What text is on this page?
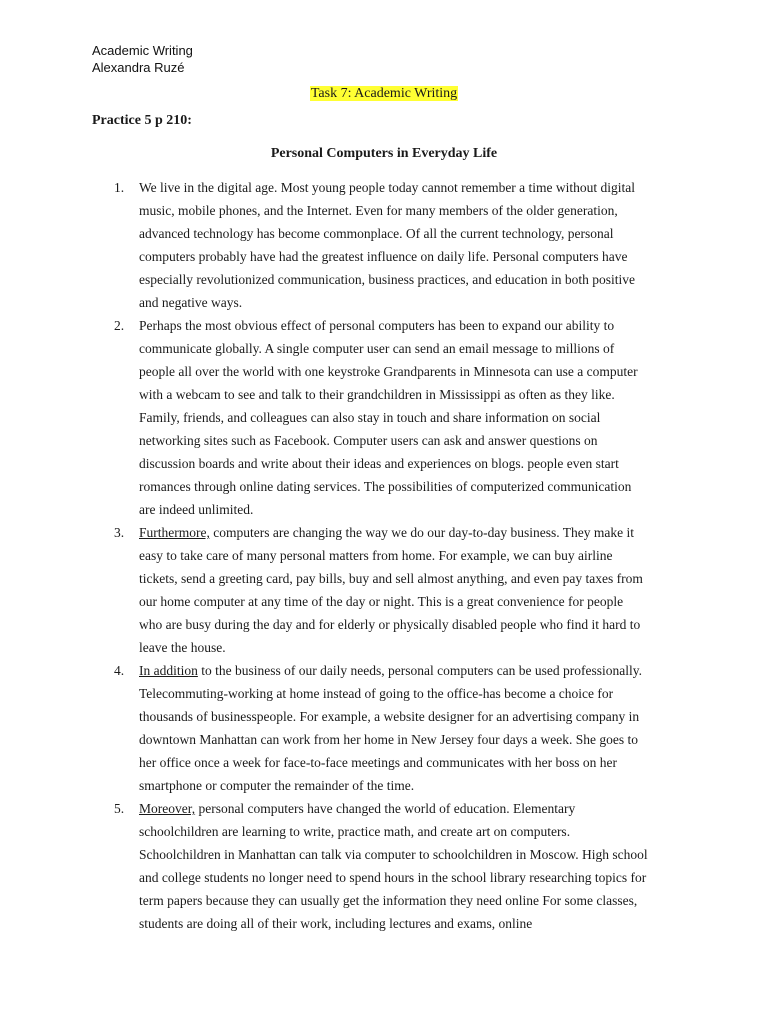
Academic Writing
Alexandra Ruzé
Task 7: Academic Writing
Practice 5 p 210:
Personal Computers in Everyday Life
1. We live in the digital age. Most young people today cannot remember a time without digital
music, mobile phones, and the Internet. Even for many members of the older generation,
advanced technology has become commonplace. Of all the current technology, personal
computers probably have had the greatest influence on daily life. Personal computers have
especially revolutionized communication, business practices, and education in both positive
and negative ways.
2. Perhaps the most obvious effect of personal computers has been to expand our ability to
communicate globally. A single computer user can send an email message to millions of
people all over the world with one keystroke Grandparents in Minnesota can use a computer
with a webcam to see and talk to their grandchildren in Mississippi as often as they like.
Family, friends, and colleagues can also stay in touch and share information on social
networking sites such as Facebook. Computer users can ask and answer questions on
discussion boards and write about their ideas and experiences on blogs. people even start
romances through online dating services. The possibilities of computerized communication
are indeed unlimited.
3. Furthermore, computers are changing the way we do our day-to-day business. They make it
easy to take care of many personal matters from home. For example, we can buy airline
tickets, send a greeting card, pay bills, buy and sell almost anything, and even pay taxes from
our home computer at any time of the day or night. This is a great convenience for people
who are busy during the day and for elderly or physically disabled people who find it hard to
leave the house.
4. In addition to the business of our daily needs, personal computers can be used professionally.
Telecommuting-working at home instead of going to the office-has become a choice for
thousands of businesspeople. For example, a website designer for an advertising company in
downtown Manhattan can work from her home in New Jersey four days a week. She goes to
her office once a week for face-to-face meetings and communicates with her boss on her
smartphone or computer the remainder of the time.
5. Moreover, personal computers have changed the world of education. Elementary
schoolchildren are learning to write, practice math, and create art on computers.
Schoolchildren in Manhattan can talk via computer to schoolchildren in Moscow. High school
and college students no longer need to spend hours in the school library researching topics for
term papers because they can usually get the information they need online For some classes,
students are doing all of their work, including lectures and exams, online
